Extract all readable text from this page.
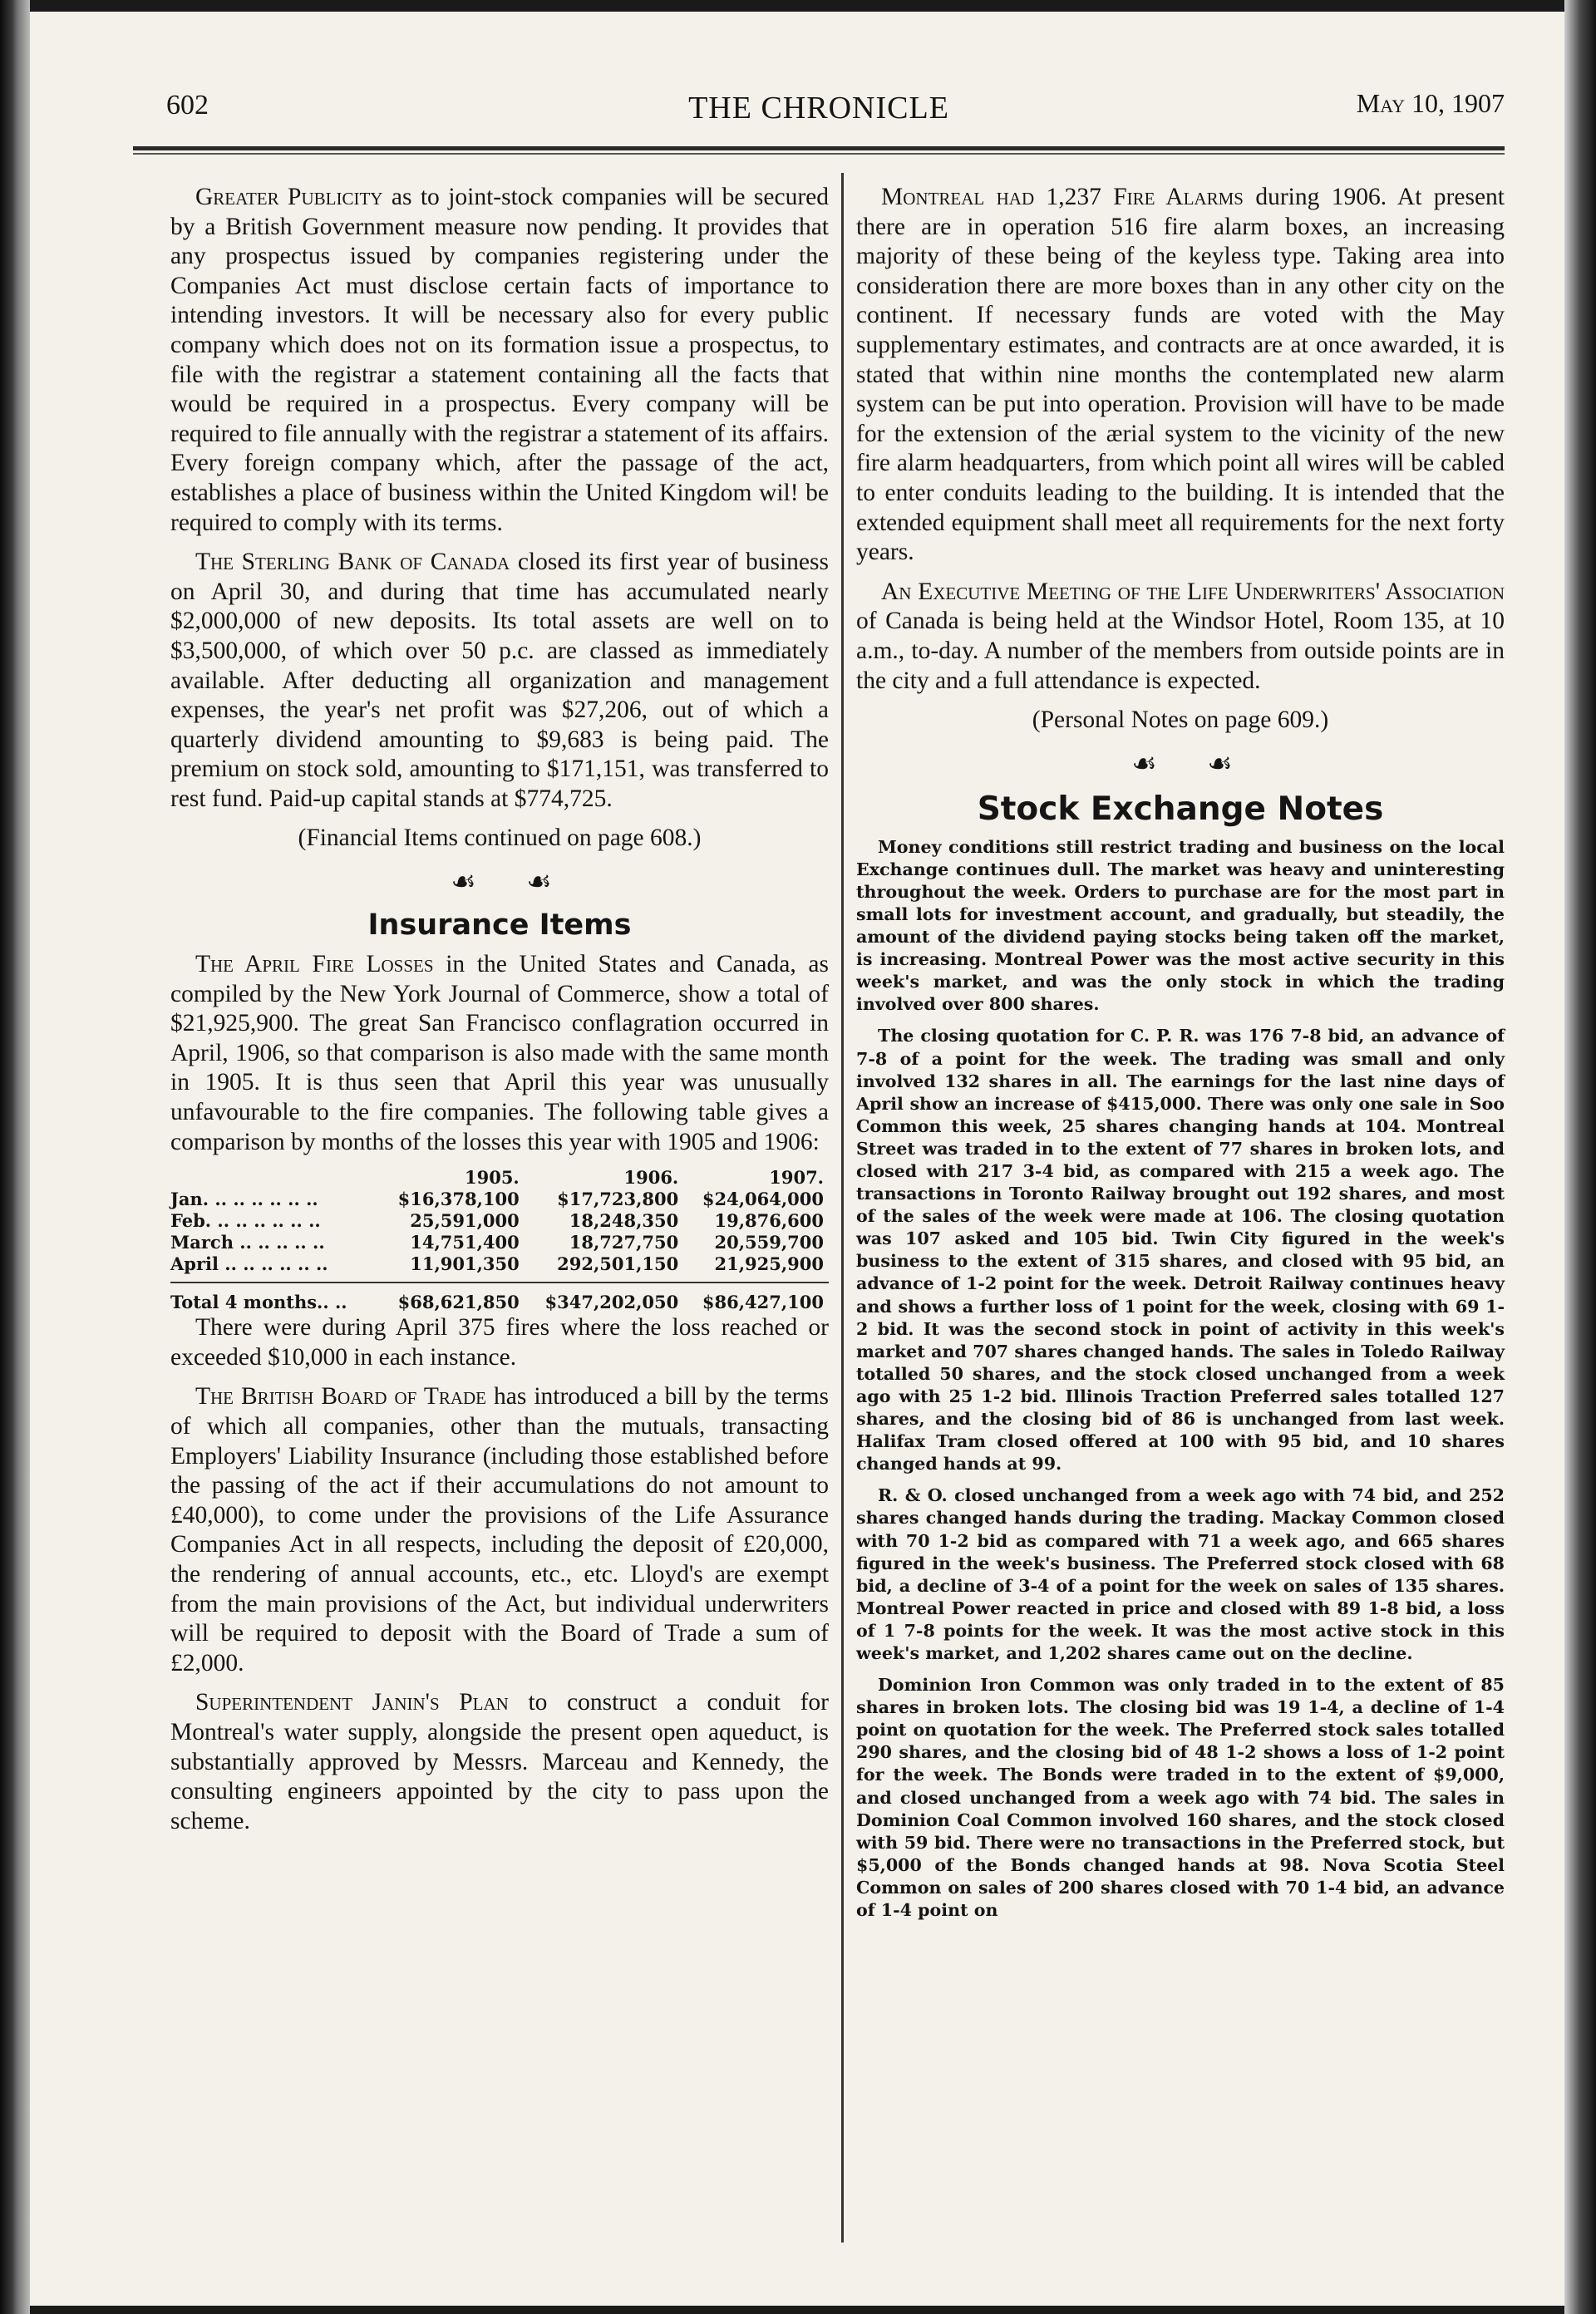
602	THE CHRONICLE	May 10, 1907

Greater Publicity as to joint-stock companies will be secured by a British Government measure now pending. It provides that any prospectus issued by companies registering under the Companies Act must disclose certain facts of importance to intending investors. It will be necessary also for every public company which does not on its formation issue a prospectus, to file with the registrar a statement containing all the facts that would be required in a prospectus. Every company will be required to file annually with the registrar a statement of its affairs. Every foreign company which, after the passage of the act, establishes a place of business within the United Kingdom wil! be required to comply with its terms.

The Sterling Bank of Canada closed its first year of business on April 30, and during that time has accumulated nearly $2,000,000 of new deposits. Its total assets are well on to $3,500,000, of which over 50 p.c. are classed as immediately available. After deducting all organization and management expenses, the year's net profit was $27,206, out of which a quarterly dividend amounting to $9,683 is being paid. The premium on stock sold, amounting to $171,151, was transferred to rest fund. Paid-up capital stands at $774,725.

(Financial Items continued on page 608.)

☙ ☙
Insurance Items

The April Fire Losses in the United States and Canada, as compiled by the New York Journal of Commerce, show a total of $21,925,900. The great San Francisco conflagration occurred in April, 1906, so that comparison is also made with the same month in 1905. It is thus seen that April this year was unusually unfavourable to the fire companies. The following table gives a comparison by months of the losses this year with 1905 and 1906:

	1905.	1906.	1907.
Jan. .. .. .. .. .. ..	$16,378,100	$17,723,800	$24,064,000
Feb. .. .. .. .. .. ..	25,591,000	18,248,350	19,876,600
March .. .. .. .. ..	14,751,400	18,727,750	20,559,700
April .. .. .. .. .. ..	11,901,350	292,501,150	21,925,900

Total 4 months.. ..	$68,621,850	$347,202,050	$86,427,100

There were during April 375 fires where the loss reached or exceeded $10,000 in each instance.

The British Board of Trade has introduced a bill by the terms of which all companies, other than the mutuals, transacting Employers' Liability Insurance (including those established before the passing of the act if their accumulations do not amount to £40,000), to come under the provisions of the Life Assurance Companies Act in all respects, including the deposit of £20,000, the rendering of annual accounts, etc., etc. Lloyd's are exempt from the main provisions of the Act, but individual underwriters will be required to deposit with the Board of Trade a sum of £2,000.

Superintendent Janin's Plan to construct a conduit for Montreal's water supply, alongside the present open aqueduct, is substantially approved by Messrs. Marceau and Kennedy, the consulting engineers appointed by the city to pass upon the scheme.

Montreal had 1,237 Fire Alarms during 1906. At present there are in operation 516 fire alarm boxes, an increasing majority of these being of the keyless type. Taking area into consideration there are more boxes than in any other city on the continent. If necessary funds are voted with the May supplementary estimates, and contracts are at once awarded, it is stated that within nine months the contemplated new alarm system can be put into operation. Provision will have to be made for the extension of the ærial system to the vicinity of the new fire alarm headquarters, from which point all wires will be cabled to enter conduits leading to the building. It is intended that the extended equipment shall meet all requirements for the next forty years.

An Executive Meeting of the Life Underwriters' Association of Canada is being held at the Windsor Hotel, Room 135, at 10 a.m., to-day. A number of the members from outside points are in the city and a full attendance is expected.

(Personal Notes on page 609.)

☙ ☙
Stock Exchange Notes

Money conditions still restrict trading and business on the local Exchange continues dull. The market was heavy and uninteresting throughout the week. Orders to purchase are for the most part in small lots for investment account, and gradually, but steadily, the amount of the dividend paying stocks being taken off the market, is increasing. Montreal Power was the most active security in this week's market, and was the only stock in which the trading involved over 800 shares.

The closing quotation for C. P. R. was 176 7-8 bid, an advance of 7-8 of a point for the week. The trading was small and only involved 132 shares in all. The earnings for the last nine days of April show an increase of $415,000. There was only one sale in Soo Common this week, 25 shares changing hands at 104. Montreal Street was traded in to the extent of 77 shares in broken lots, and closed with 217 3-4 bid, as compared with 215 a week ago. The transactions in Toronto Railway brought out 192 shares, and most of the sales of the week were made at 106. The closing quotation was 107 asked and 105 bid. Twin City figured in the week's business to the extent of 315 shares, and closed with 95 bid, an advance of 1-2 point for the week. Detroit Railway continues heavy and shows a further loss of 1 point for the week, closing with 69 1-2 bid. It was the second stock in point of activity in this week's market and 707 shares changed hands. The sales in Toledo Railway totalled 50 shares, and the stock closed unchanged from a week ago with 25 1-2 bid. Illinois Traction Preferred sales totalled 127 shares, and the closing bid of 86 is unchanged from last week. Halifax Tram closed offered at 100 with 95 bid, and 10 shares changed hands at 99.

R. & O. closed unchanged from a week ago with 74 bid, and 252 shares changed hands during the trading. Mackay Common closed with 70 1-2 bid as compared with 71 a week ago, and 665 shares figured in the week's business. The Preferred stock closed with 68 bid, a decline of 3-4 of a point for the week on sales of 135 shares. Montreal Power reacted in price and closed with 89 1-8 bid, a loss of 1 7-8 points for the week. It was the most active stock in this week's market, and 1,202 shares came out on the decline.

Dominion Iron Common was only traded in to the extent of 85 shares in broken lots. The closing bid was 19 1-4, a decline of 1-4 point on quotation for the week. The Preferred stock sales totalled 290 shares, and the closing bid of 48 1-2 shows a loss of 1-2 point for the week. The Bonds were traded in to the extent of $9,000, and closed unchanged from a week ago with 74 bid. The sales in Dominion Coal Common involved 160 shares, and the stock closed with 59 bid. There were no transactions in the Preferred stock, but $5,000 of the Bonds changed hands at 98. Nova Scotia Steel Common on sales of 200 shares closed with 70 1-4 bid, an advance of 1-4 point on
